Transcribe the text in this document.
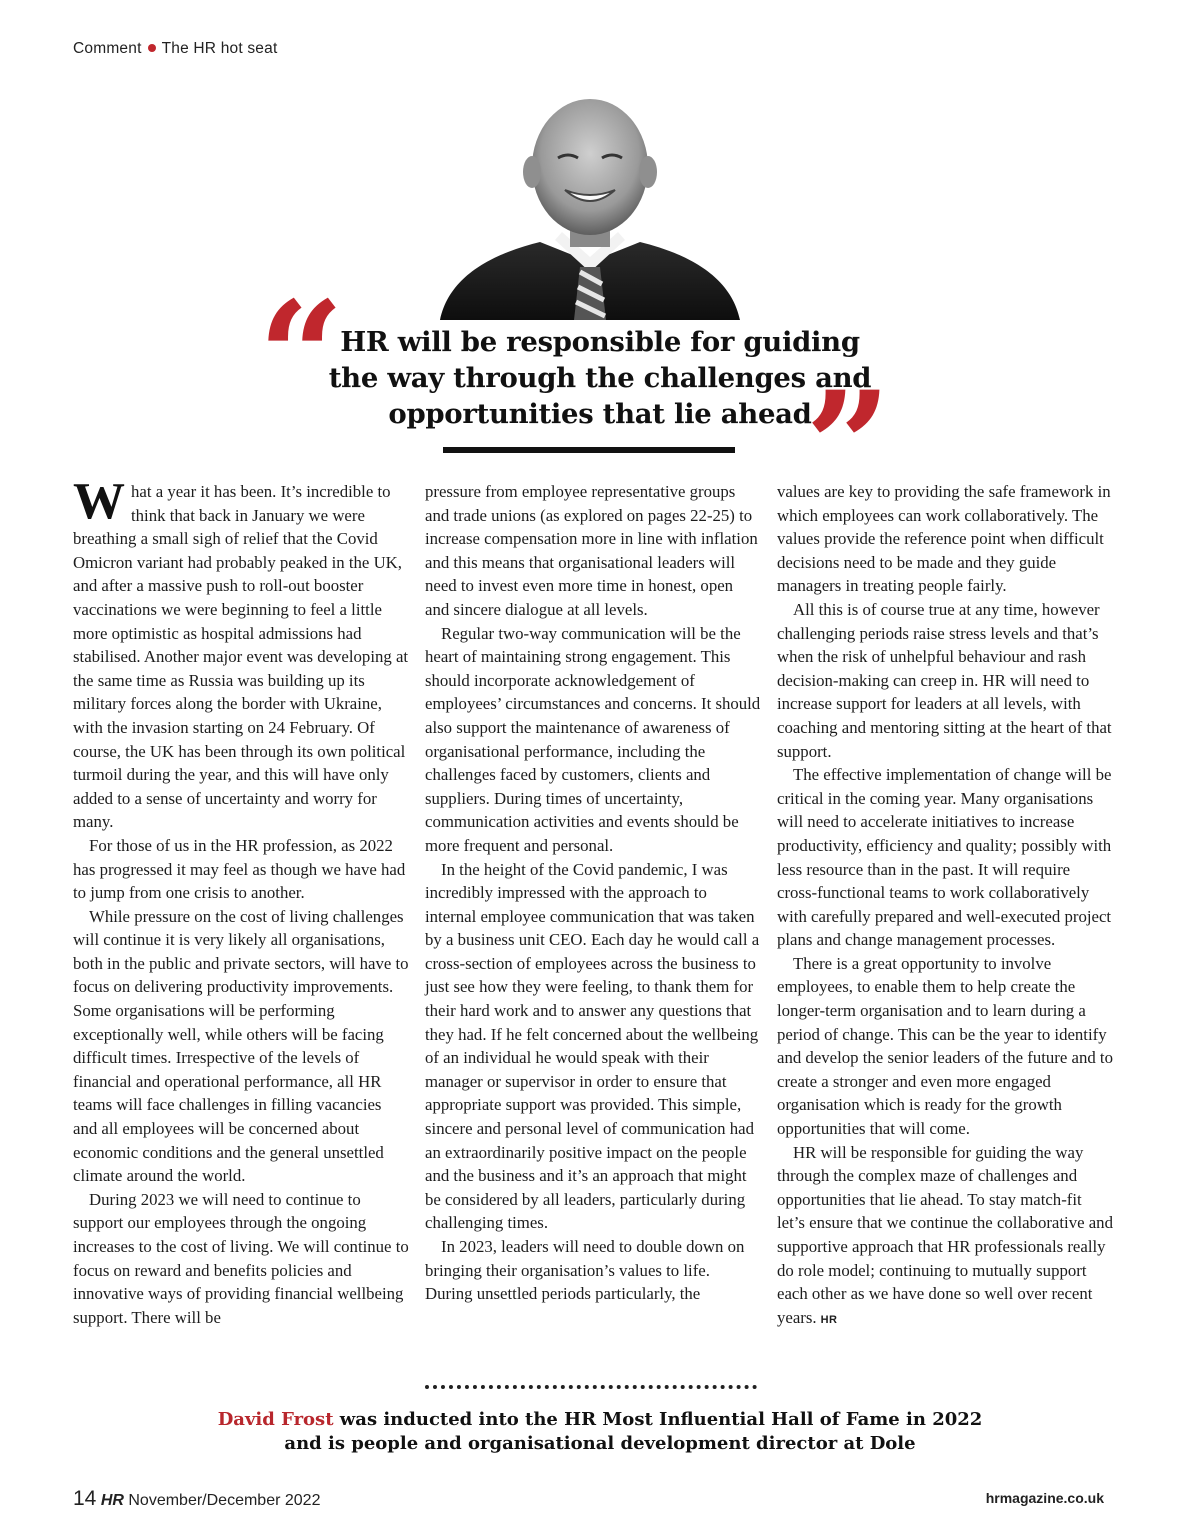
Comment The HR hot seat
“
HR will be responsible for guiding
the way through the challenges and
opportunities that lie ahead
”

What a year it has been. It’s incredible to think that back in January we were breathing a small sigh of relief that the Covid Omicron variant had probably peaked in the UK, and after a massive push to roll-out booster vaccinations we were beginning to feel a little more optimistic as hospital admissions had stabilised. Another major event was developing at the same time as Russia was building up its military forces along the border with Ukraine, with the invasion starting on 24 February. Of course, the UK has been through its own political turmoil during the year, and this will have only added to a sense of uncertainty and worry for many.

For those of us in the HR profession, as 2022 has progressed it may feel as though we have had to jump from one crisis to another.

While pressure on the cost of living challenges will continue it is very likely all organisations, both in the public and private sectors, will have to focus on delivering productivity improvements. Some organisations will be performing exceptionally well, while others will be facing difficult times. Irrespective of the levels of financial and operational performance, all HR teams will face challenges in filling vacancies and all employees will be concerned about economic conditions and the general unsettled climate around the world.

During 2023 we will need to continue to support our employees through the ongoing increases to the cost of living. We will continue to focus on reward and benefits policies and innovative ways of providing financial wellbeing support. There will be

pressure from employee representative groups and trade unions (as explored on pages 22-25) to increase compensation more in line with inflation and this means that organisational leaders will need to invest even more time in honest, open and sincere dialogue at all levels.

Regular two-way communication will be the heart of maintaining strong engagement. This should incorporate acknowledgement of employees’ circumstances and concerns. It should also support the maintenance of awareness of organisational performance, including the challenges faced by customers, clients and suppliers. During times of uncertainty, communication activities and events should be more frequent and personal.

In the height of the Covid pandemic, I was incredibly impressed with the approach to internal employee communication that was taken by a business unit CEO. Each day he would call a cross-section of employees across the business to just see how they were feeling, to thank them for their hard work and to answer any questions that they had. If he felt concerned about the wellbeing of an individual he would speak with their manager or supervisor in order to ensure that appropriate support was provided. This simple, sincere and personal level of communication had an extraordinarily positive impact on the people and the business and it’s an approach that might be considered by all leaders, particularly during challenging times.

In 2023, leaders will need to double down on bringing their organisation’s values to life. During unsettled periods particularly, the

values are key to providing the safe framework in which employees can work collaboratively. The values provide the reference point when difficult decisions need to be made and they guide managers in treating people fairly.

All this is of course true at any time, however challenging periods raise stress levels and that’s when the risk of unhelpful behaviour and rash decision-making can creep in. HR will need to increase support for leaders at all levels, with coaching and mentoring sitting at the heart of that support.

The effective implementation of change will be critical in the coming year. Many organisations will need to accelerate initiatives to increase productivity, efficiency and quality; possibly with less resource than in the past. It will require cross-functional teams to work collaboratively with carefully prepared and well-executed project plans and change management processes.

There is a great opportunity to involve employees, to enable them to help create the longer-term organisation and to learn during a period of change. This can be the year to identify and develop the senior leaders of the future and to create a stronger and even more engaged organisation which is ready for the growth opportunities that will come.

HR will be responsible for guiding the way through the complex maze of challenges and opportunities that lie ahead. To stay match-fit let’s ensure that we continue the collaborative and supportive approach that HR professionals really do role model; continuing to mutually support each other as we have done so well over recent years. HR

David Frost was inducted into the HR Most Influential Hall of Fame in 2022
and is people and organisational development director at Dole
14 HR November/December 2022	hrmagazine.co.uk
